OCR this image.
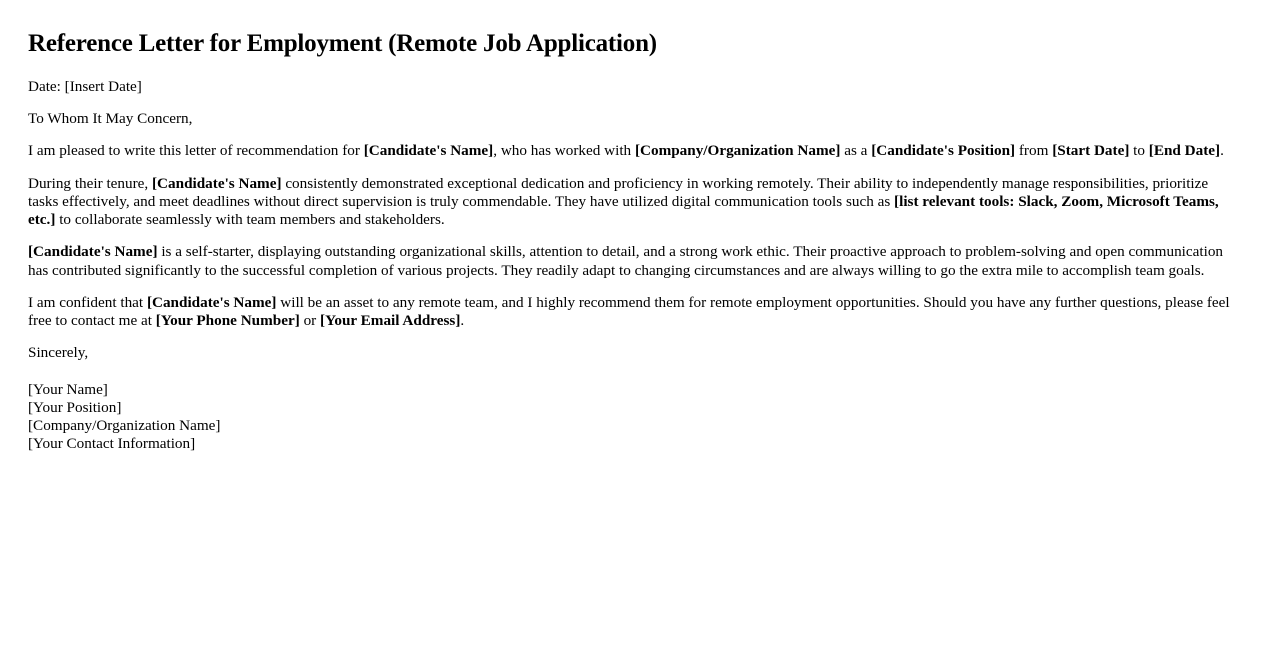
Reference Letter for Employment (Remote Job Application)

Date: [Insert Date]

To Whom It May Concern,

I am pleased to write this letter of recommendation for [Candidate's Name], who has worked with [Company/Organization Name] as a [Candidate's Position] from [Start Date] to [End Date].

During their tenure, [Candidate's Name] consistently demonstrated exceptional dedication and proficiency in working remotely. Their ability to independently manage responsibilities, prioritize tasks effectively, and meet deadlines without direct supervision is truly commendable. They have utilized digital communication tools such as [list relevant tools: Slack, Zoom, Microsoft Teams, etc.] to collaborate seamlessly with team members and stakeholders.

[Candidate's Name] is a self-starter, displaying outstanding organizational skills, attention to detail, and a strong work ethic. Their proactive approach to problem-solving and open communication has contributed significantly to the successful completion of various projects. They readily adapt to changing circumstances and are always willing to go the extra mile to accomplish team goals.

I am confident that [Candidate's Name] will be an asset to any remote team, and I highly recommend them for remote employment opportunities. Should you have any further questions, please feel free to contact me at [Your Phone Number] or [Your Email Address].

Sincerely,

[Your Name]
[Your Position]
[Company/Organization Name]
[Your Contact Information]
